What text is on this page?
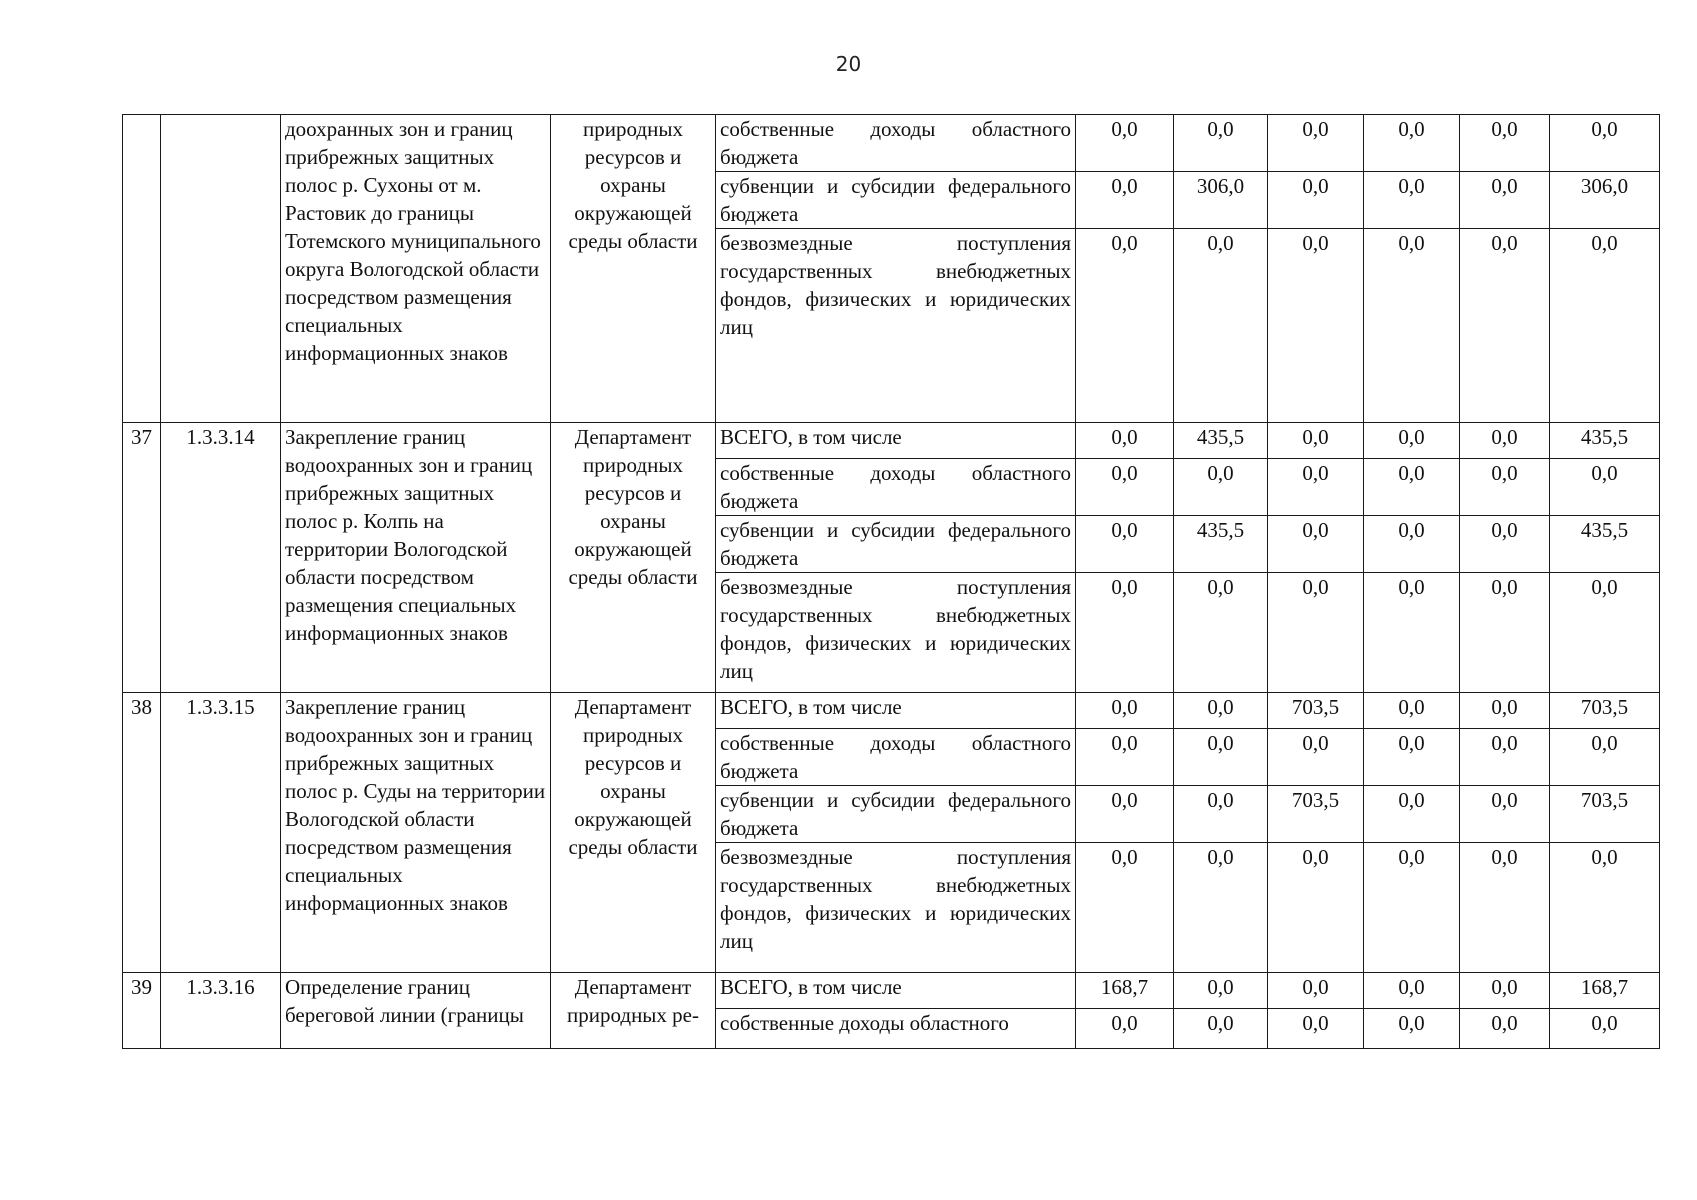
20
		доохранных зон и границ прибрежных защитных полос р. Сухоны от м. Растовик до границы Тотемского муниципального округа Вологодской области посредством размещения специальных информационных знаков	природных ресурсов и охраны окружающей среды области	собственные доходы областного бюджета	0,0	0,0	0,0	0,0	0,0	0,0
				субвенции и субсидии федерального бюджета	0,0	306,0	0,0	0,0	0,0	306,0
				безвозмездные поступления государственных внебюджетных фондов, физических и юридических лиц	0,0	0,0	0,0	0,0	0,0	0,0
37	1.3.3.14	Закрепление границ водоохранных зон и границ прибрежных защитных полос р. Колпь на территории Вологодской области посредством размещения специальных информационных знаков	Департамент природных ресурсов и охраны окружающей среды области	ВСЕГО, в том числе	0,0	435,5	0,0	0,0	0,0	435,5
				собственные доходы областного бюджета	0,0	0,0	0,0	0,0	0,0	0,0
				субвенции и субсидии федерального бюджета	0,0	435,5	0,0	0,0	0,0	435,5
				безвозмездные поступления государственных внебюджетных фондов, физических и юридических лиц	0,0	0,0	0,0	0,0	0,0	0,0
38	1.3.3.15	Закрепление границ водоохранных зон и границ прибрежных защитных полос р. Суды на территории Вологодской области посредством размещения специальных информационных знаков	Департамент природных ресурсов и охраны окружающей среды области	ВСЕГО, в том числе	0,0	0,0	703,5	0,0	0,0	703,5
				собственные доходы областного бюджета	0,0	0,0	0,0	0,0	0,0	0,0
				субвенции и субсидии федерального бюджета	0,0	0,0	703,5	0,0	0,0	703,5
				безвозмездные поступления государственных внебюджетных фондов, физических и юридических лиц	0,0	0,0	0,0	0,0	0,0	0,0
39	1.3.3.16	Определение границ береговой линии (границы	Департамент природных ре-	ВСЕГО, в том числе	168,7	0,0	0,0	0,0	0,0	168,7
				собственные доходы областного	0,0	0,0	0,0	0,0	0,0	0,0
